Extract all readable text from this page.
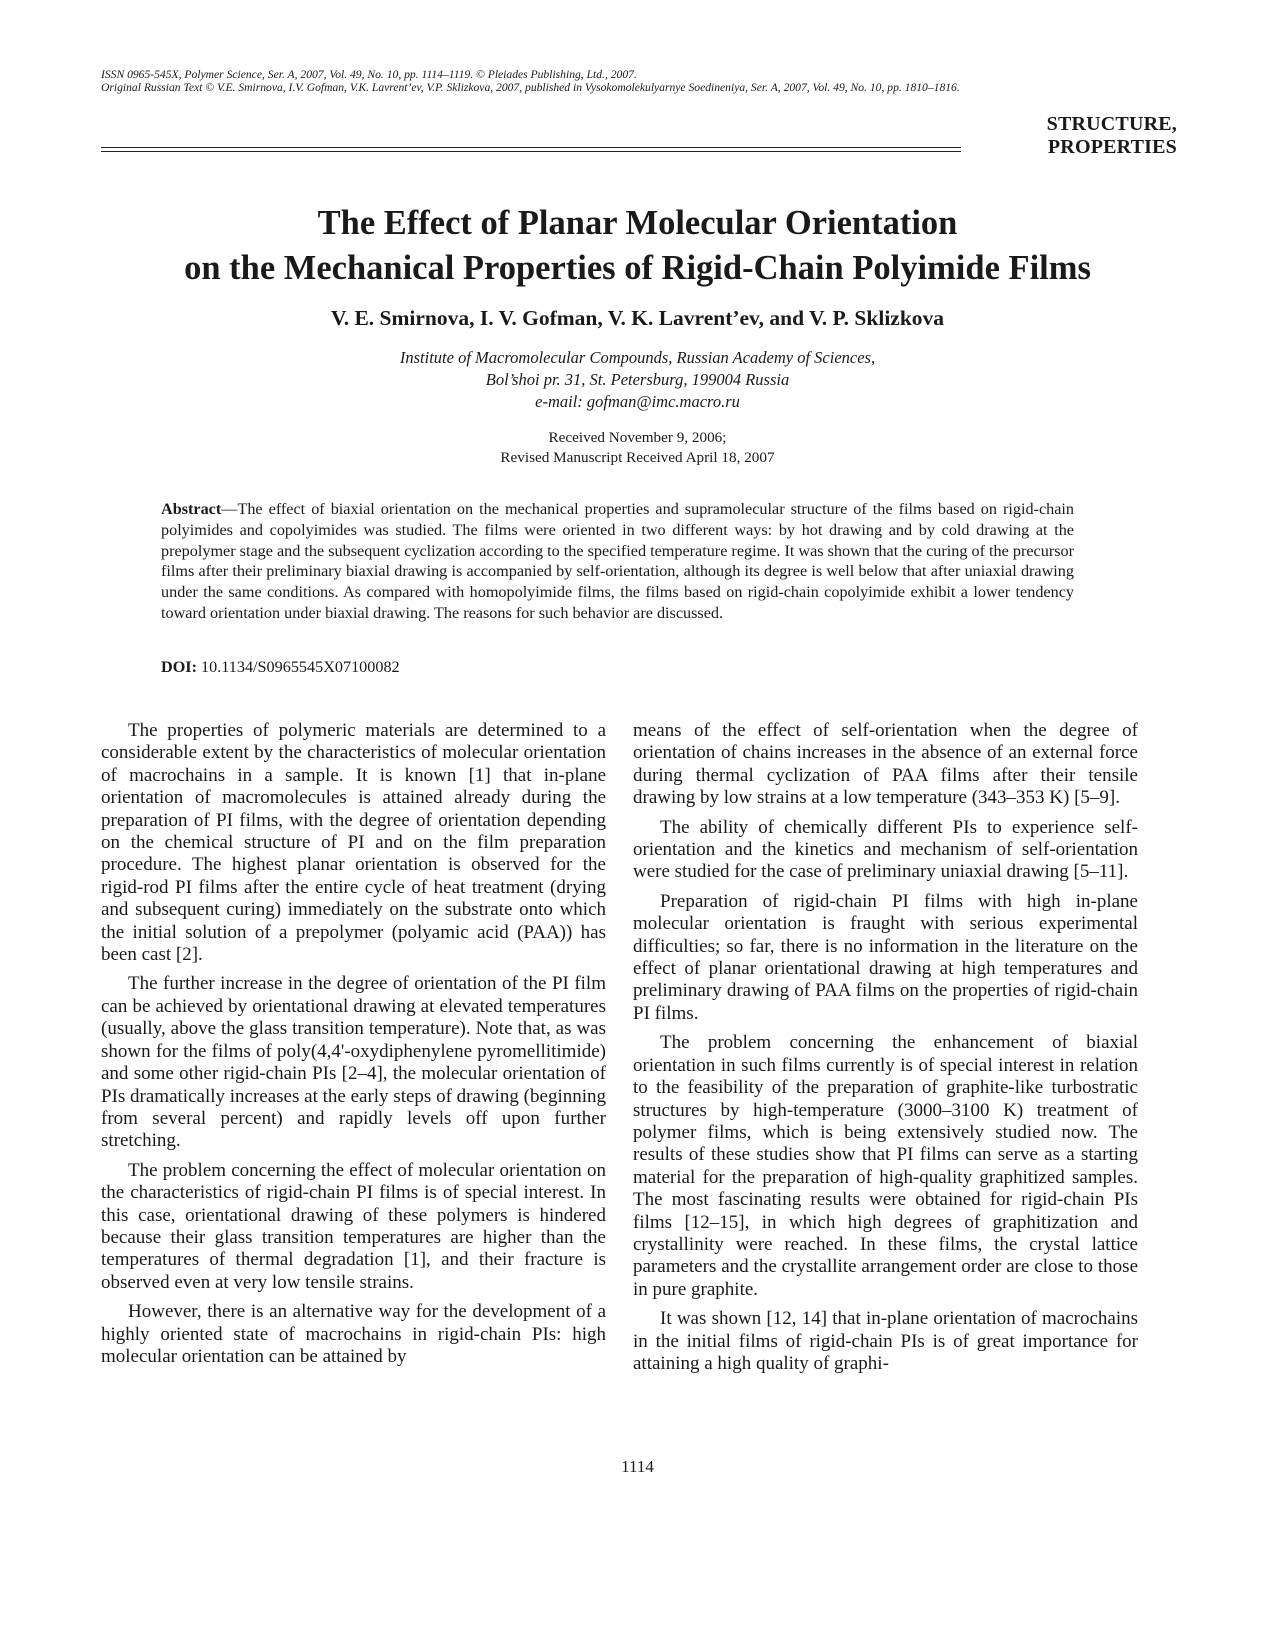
ISSN 0965-545X, Polymer Science, Ser. A, 2007, Vol. 49, No. 10, pp. 1114–1119. © Pleiades Publishing, Ltd., 2007.
Original Russian Text © V.E. Smirnova, I.V. Gofman, V.K. Lavrent’ev, V.P. Sklizkova, 2007, published in Vysokomolekulyarnye Soedineniya, Ser. A, 2007, Vol. 49, No. 10, pp. 1810–1816.
STRUCTURE,
PROPERTIES
The Effect of Planar Molecular Orientation
on the Mechanical Properties of Rigid-Chain Polyimide Films
V. E. Smirnova, I. V. Gofman, V. K. Lavrent’ev, and V. P. Sklizkova
Institute of Macromolecular Compounds, Russian Academy of Sciences,
Bol’shoi pr. 31, St. Petersburg, 199004 Russia
e-mail: gofman@imc.macro.ru
Received November 9, 2006;
Revised Manuscript Received April 18, 2007
Abstract—The effect of biaxial orientation on the mechanical properties and supramolecular structure of the films based on rigid-chain polyimides and copolyimides was studied. The films were oriented in two different ways: by hot drawing and by cold drawing at the prepolymer stage and the subsequent cyclization according to the specified temperature regime. It was shown that the curing of the precursor films after their preliminary biaxial drawing is accompanied by self-orientation, although its degree is well below that after uniaxial drawing under the same conditions. As compared with homopolyimide films, the films based on rigid-chain copolyimide exhibit a lower tendency toward orientation under biaxial drawing. The reasons for such behavior are discussed.
DOI: 10.1134/S0965545X07100082

The properties of polymeric materials are determined to a considerable extent by the characteristics of molecular orientation of macrochains in a sample. It is known [1] that in-plane orientation of macromolecules is attained already during the preparation of PI films, with the degree of orientation depending on the chemical structure of PI and on the film preparation procedure. The highest planar orientation is observed for the rigid-rod PI films after the entire cycle of heat treatment (drying and subsequent curing) immediately on the substrate onto which the initial solution of a prepolymer (polyamic acid (PAA)) has been cast [2].

The further increase in the degree of orientation of the PI film can be achieved by orientational drawing at elevated temperatures (usually, above the glass transition temperature). Note that, as was shown for the films of poly(4,4'-oxydiphenylene pyromellitimide) and some other rigid-chain PIs [2–4], the molecular orientation of PIs dramatically increases at the early steps of drawing (beginning from several percent) and rapidly levels off upon further stretching.

The problem concerning the effect of molecular orientation on the characteristics of rigid-chain PI films is of special interest. In this case, orientational drawing of these polymers is hindered because their glass transition temperatures are higher than the temperatures of thermal degradation [1], and their fracture is observed even at very low tensile strains.

However, there is an alternative way for the development of a highly oriented state of macrochains in rigid-chain PIs: high molecular orientation can be attained by

means of the effect of self-orientation when the degree of orientation of chains increases in the absence of an external force during thermal cyclization of PAA films after their tensile drawing by low strains at a low temperature (343–353 K) [5–9].

The ability of chemically different PIs to experience self-orientation and the kinetics and mechanism of self-orientation were studied for the case of preliminary uniaxial drawing [5–11].

Preparation of rigid-chain PI films with high in-plane molecular orientation is fraught with serious experimental difficulties; so far, there is no information in the literature on the effect of planar orientational drawing at high temperatures and preliminary drawing of PAA films on the properties of rigid-chain PI films.

The problem concerning the enhancement of biaxial orientation in such films currently is of special interest in relation to the feasibility of the preparation of graphite-like turbostratic structures by high-temperature (3000–3100 K) treatment of polymer films, which is being extensively studied now. The results of these studies show that PI films can serve as a starting material for the preparation of high-quality graphitized samples. The most fascinating results were obtained for rigid-chain PIs films [12–15], in which high degrees of graphitization and crystallinity were reached. In these films, the crystal lattice parameters and the crystallite arrangement order are close to those in pure graphite.

It was shown [12, 14] that in-plane orientation of macrochains in the initial films of rigid-chain PIs is of great importance for attaining a high quality of graphi-

1114
